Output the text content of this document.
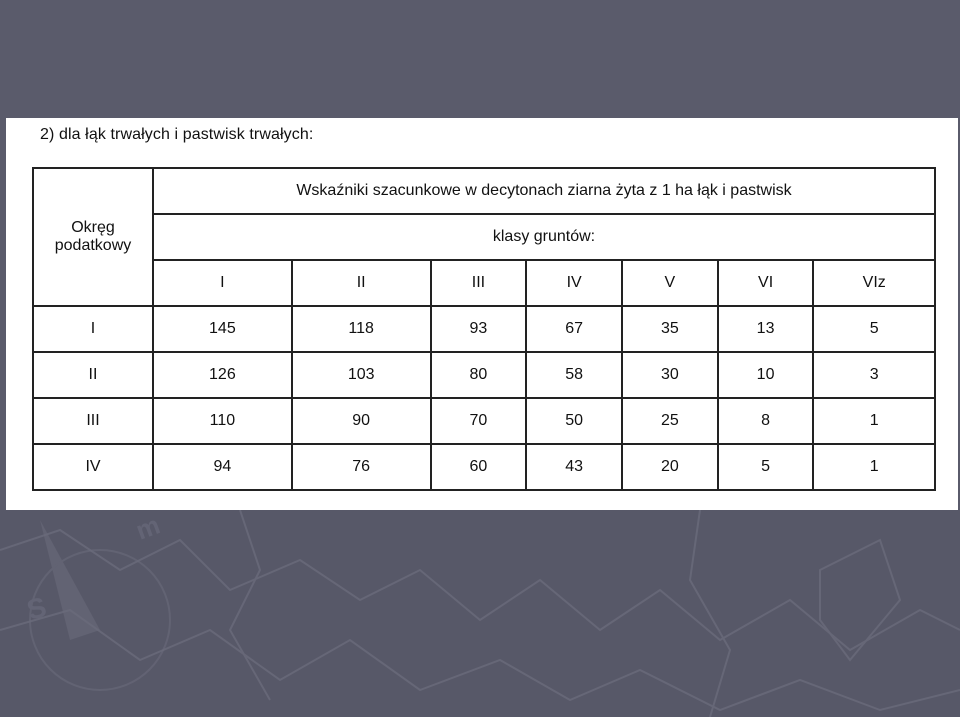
S
m
2) dla łąk trwałych i pastwisk trwałych:
Okręg
podatkowy	Wskaźniki szacunkowe w decytonach ziarna żyta z 1 ha łąk i pastwisk						
	klasy gruntów:						
	I	II	III	IV	V	VI	VIz
I	145	118	93	67	35	13	5
II	126	103	80	58	30	10	3
III	110	90	70	50	25	8	1
IV	94	76	60	43	20	5	1
